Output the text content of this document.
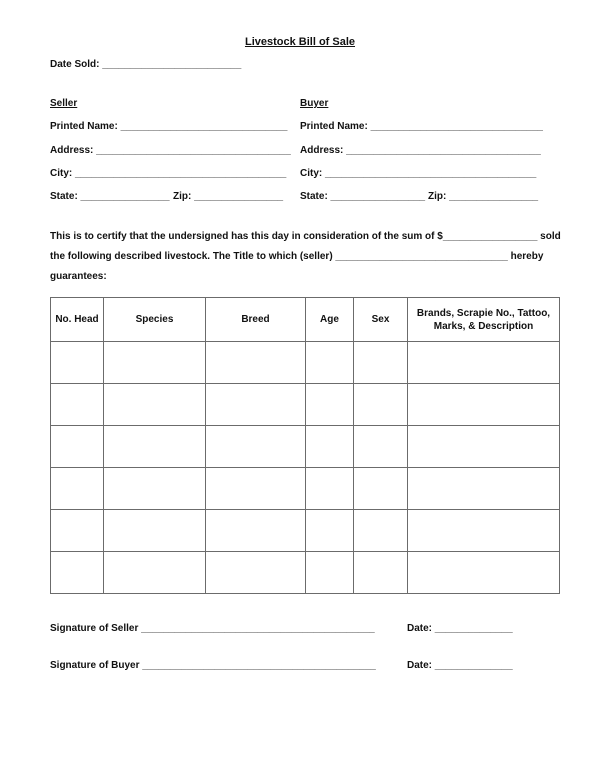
Livestock Bill of Sale
Date Sold: _________________________
Seller
Printed Name: ______________________________
Address: ___________________________________
City: ______________________________________
State: ________________ Zip: ________________
Buyer
Printed Name: _______________________________
Address: ___________________________________
City: ______________________________________
State: _________________ Zip: ________________
This is to certify that the undersigned has this day in consideration of the sum of $_________________ sold
the following described livestock. The Title to which (seller) _______________________________ hereby
guarantees:
No. Head	Species	Breed	Age	Sex	Brands, Scrapie No., Tattoo, Marks, & Description

Signature of Seller __________________________________________	Date: ______________
Signature of Buyer __________________________________________	Date: ______________
